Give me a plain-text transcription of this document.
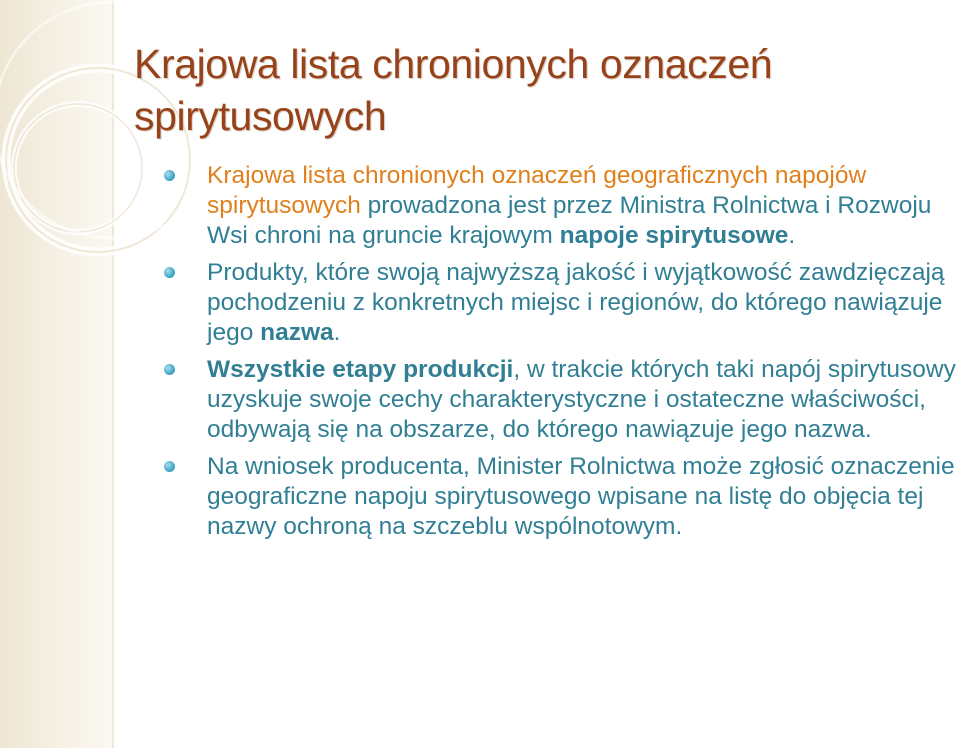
Krajowa lista chronionych oznaczeń spirytusowych
Krajowa lista chronionych oznaczeń geograficznych napojów spirytusowych prowadzona jest przez Ministra Rolnictwa i Rozwoju Wsi chroni na gruncie krajowym napoje spirytusowe.
Produkty, które swoją najwyższą jakość i wyjątkowość zawdzięczają pochodzeniu z konkretnych miejsc i regionów, do którego nawiązuje jego nazwa.
Wszystkie etapy produkcji, w trakcie których taki napój spirytusowy uzyskuje swoje cechy charakterystyczne i ostateczne właściwości, odbywają się na obszarze, do którego nawiązuje jego nazwa.
Na wniosek producenta, Minister Rolnictwa może zgłosić oznaczenie geograficzne napoju spirytusowego wpisane na listę do objęcia tej nazwy ochroną na szczeblu wspólnotowym.
